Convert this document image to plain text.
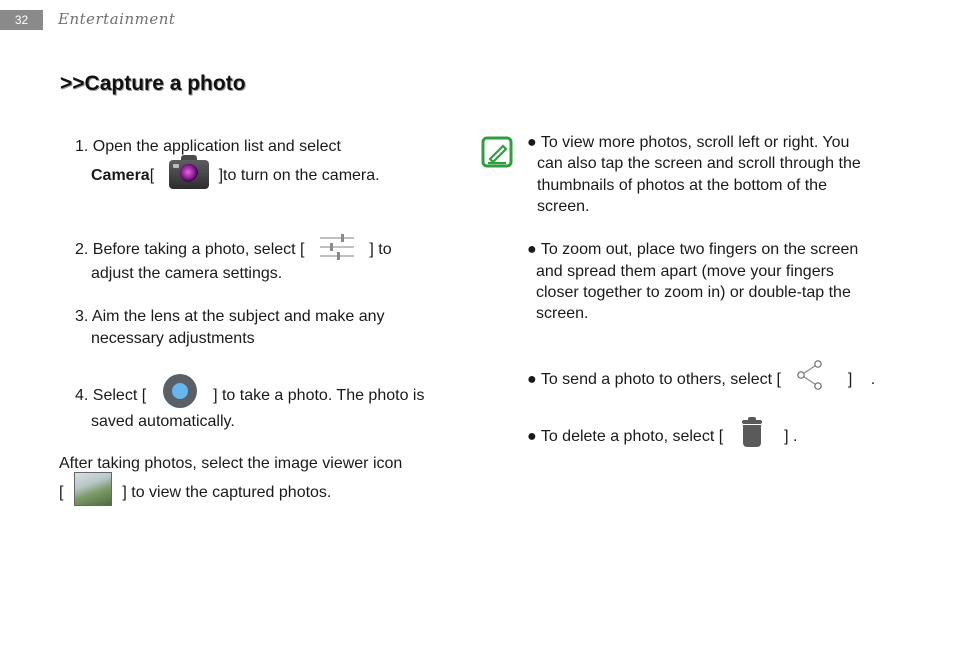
32	Entertainment
>>Capture a photo
1. Open the application list and select
Camera[	]to turn on the camera.
2. Before taking a photo, select [	] to
adjust the camera settings.
3. Aim the lens at the subject and make any
necessary adjustments
4. Select [	] to take a photo. The photo is
saved automatically.
After taking photos, select the image viewer icon
[	] to view the captured photos.
● To view more photos, scroll left or right. You
can also tap the screen and scroll through the
thumbnails of photos at the bottom of the
screen.
● To zoom out, place two fingers on the screen
and spread them apart (move your fingers
closer together to zoom in) or double-tap the
screen.
● To send a photo to others, select [	] .
● To delete a photo, select [	] .
